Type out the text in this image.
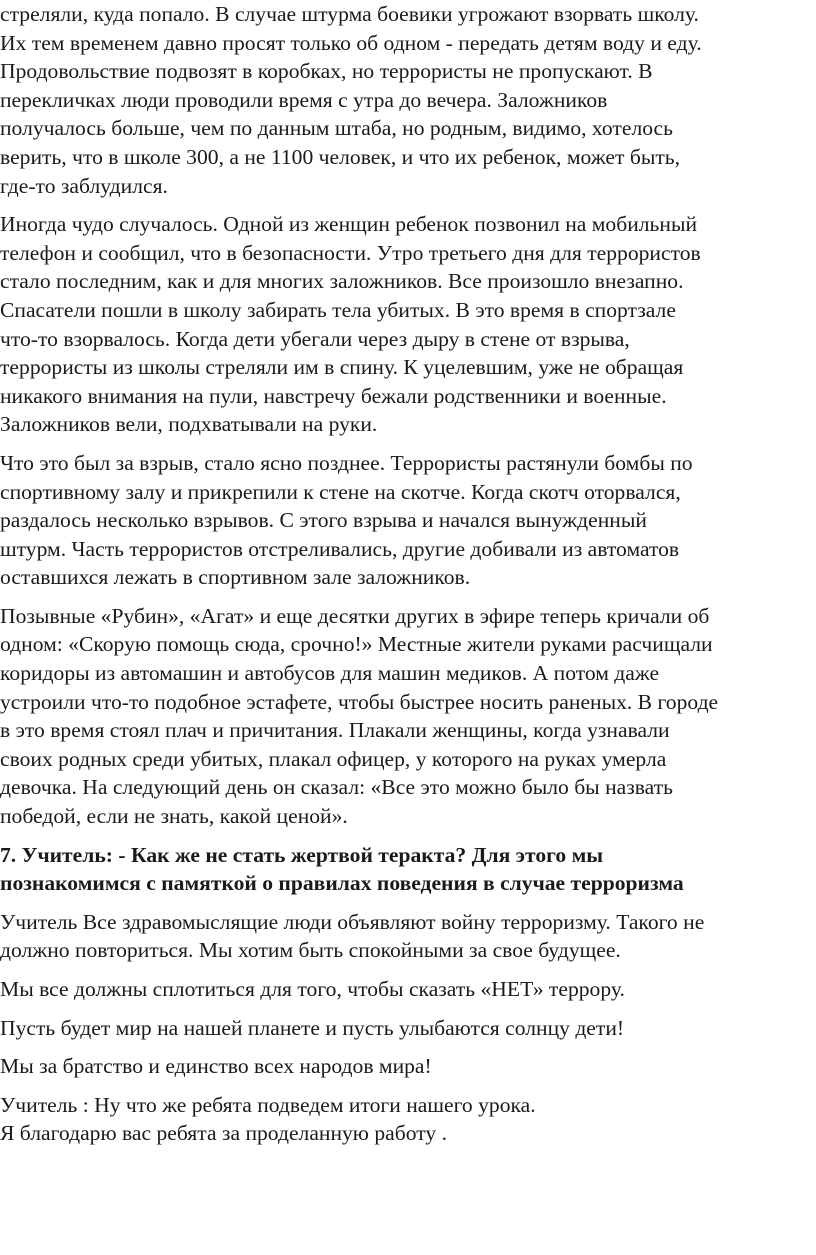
стреляли, куда попало. В случае штурма боевики угрожают взорвать школу.
Их тем временем давно просят только об одном - передать детям воду и еду.
Продовольствие подвозят в коробках, но террористы не пропускают. В
перекличках люди проводили время с утра до вечера. Заложников
получалось больше, чем по данным штаба, но родным, видимо, хотелось
верить, что в школе 300, а не 1100 человек, и что их ребенок, может быть,
где-то заблудился.

Иногда чудо случалось. Одной из женщин ребенок позвонил на мобильный
телефон и сообщил, что в безопасности. Утро третьего дня для террористов
стало последним, как и для многих заложников. Все произошло внезапно.
Спасатели пошли в школу забирать тела убитых. В это время в спортзале
что-то взорвалось. Когда дети убегали через дыру в стене от взрыва,
террористы из школы стреляли им в спину. К уцелевшим, уже не обращая
никакого внимания на пули, навстречу бежали родственники и военные.
Заложников вели, подхватывали на руки.

Что это был за взрыв, стало ясно позднее. Террористы растянули бомбы по
спортивному залу и прикрепили к стене на скотче. Когда скотч оторвался,
раздалось несколько взрывов. С этого взрыва и начался вынужденный
штурм. Часть террористов отстреливались, другие добивали из автоматов
оставшихся лежать в спортивном зале заложников.

Позывные «Рубин», «Агат» и еще десятки других в эфире теперь кричали об
одном: «Скорую помощь сюда, срочно!» Местные жители руками расчищали
коридоры из автомашин и автобусов для машин медиков. А потом даже
устроили что-то подобное эстафете, чтобы быстрее носить раненых. В городе
в это время стоял плач и причитания. Плакали женщины, когда узнавали
своих родных среди убитых, плакал офицер, у которого на руках умерла
девочка. На следующий день он сказал: «Все это можно было бы назвать
победой, если не знать, какой ценой».

7. Учитель: - Как же не стать жертвой теракта? Для этого мы
познакомимся с памяткой о правилах поведения в случае терроризма

Учитель Все здравомыслящие люди объявляют войну терроризму. Такого не
должно повториться. Мы хотим быть спокойными за свое будущее.

Мы все должны сплотиться для того, чтобы сказать «НЕТ» террору.

Пусть будет мир на нашей планете и пусть улыбаются солнцу дети!

Мы за братство и единство всех народов мира!

Учитель : Ну что же ребята подведем итоги нашего урока.
Я благодарю вас ребята за проделанную работу .
